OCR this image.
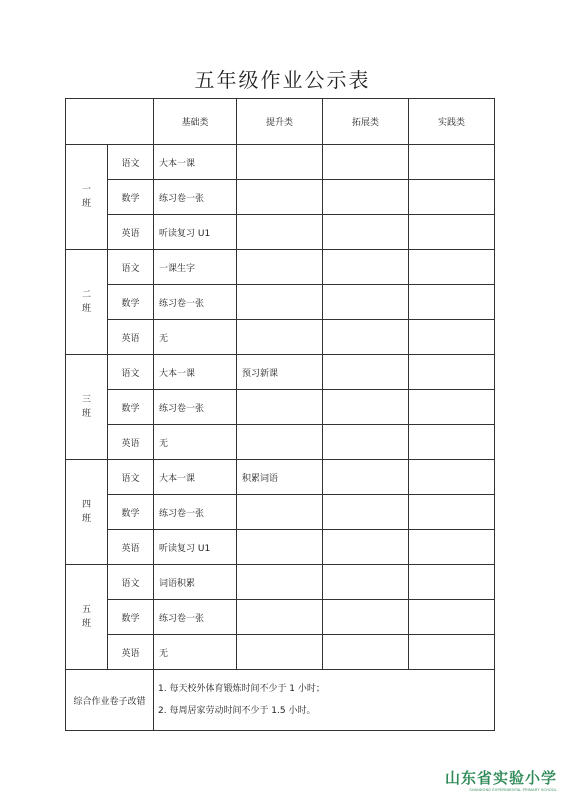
五年级作业公示表
		基础类	提升类	拓展类	实践类

一
班	语文	大本一课			
	数学	练习卷一张			
	英语	听读复习 U1			

二
班	语文	一课生字			
	数学	练习卷一张			
	英语	无			

三
班	语文	大本一课	预习新课		
	数学	练习卷一张			
	英语	无			

四
班	语文	大本一课	积累词语		
	数学	练习卷一张			
	英语	听读复习 U1			

五
班	语文	词语积累			
	数学	练习卷一张			
	英语	无			
综合作业卷子改错		1. 每天校外体育锻炼时间不少于 1 小时；
2. 每周居家劳动时间不少于 1.5 小时。			
山东省实验小学
SHANDONG EXPERIMENTAL PRIMARY SCHOOL
